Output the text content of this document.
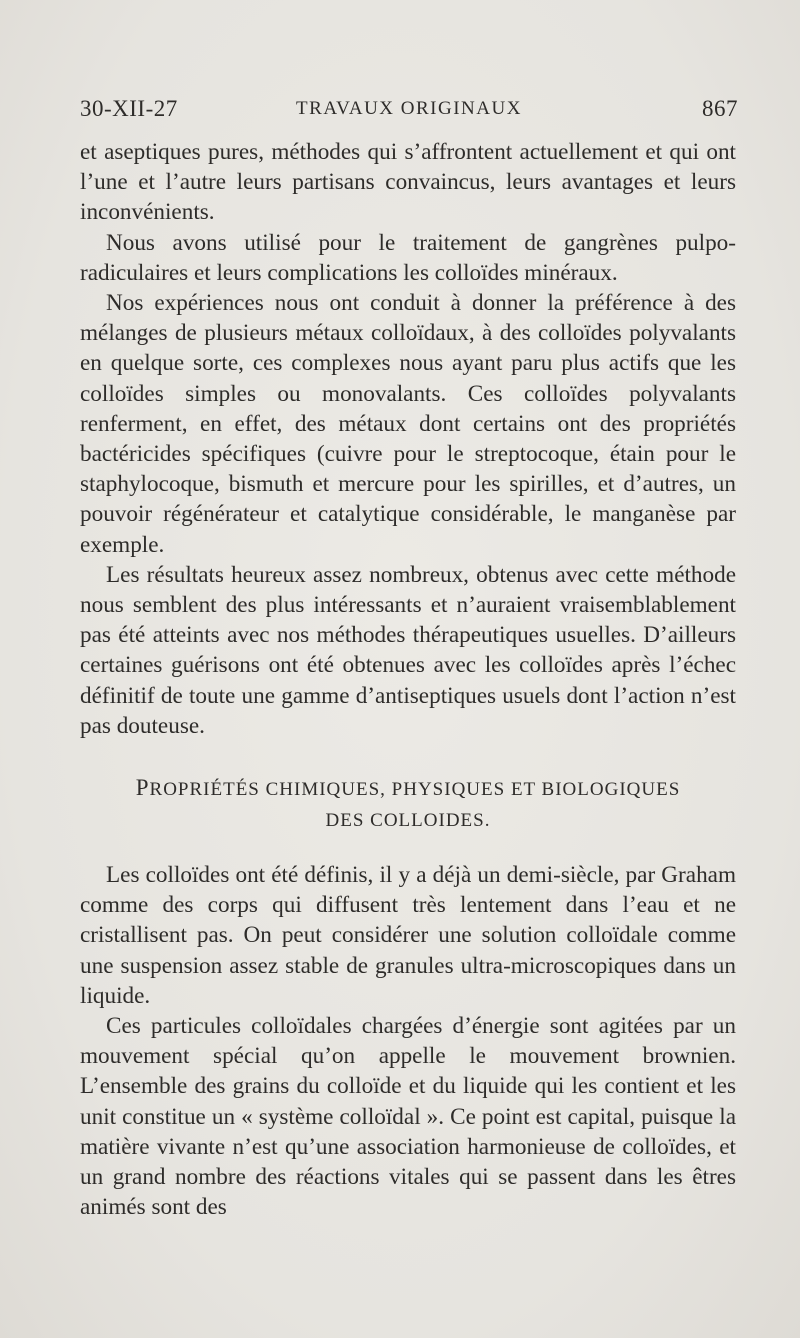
30-XII-27	TRAVAUX ORIGINAUX	867

et aseptiques pures, méthodes qui s’affrontent actuellement et qui ont l’une et l’autre leurs partisans convaincus, leurs avantages et leurs inconvénients.

Nous avons utilisé pour le traitement de gangrènes pulpo-radiculaires et leurs complications les colloïdes minéraux.

Nos expériences nous ont conduit à donner la préférence à des mélanges de plusieurs métaux colloïdaux, à des colloïdes polyvalants en quelque sorte, ces complexes nous ayant paru plus actifs que les colloïdes simples ou monovalants. Ces colloïdes polyvalants renferment, en effet, des métaux dont certains ont des propriétés bactéricides spécifiques (cuivre pour le streptocoque, étain pour le staphylocoque, bismuth et mercure pour les spirilles, et d’autres, un pouvoir régénérateur et catalytique considérable, le manganèse par exemple.

Les résultats heureux assez nombreux, obtenus avec cette méthode nous semblent des plus intéressants et n’auraient vraisemblablement pas été atteints avec nos méthodes thérapeutiques usuelles. D’ailleurs certaines guérisons ont été obtenues avec les colloïdes après l’échec définitif de toute une gamme d’antiseptiques usuels dont l’action n’est pas douteuse.

PROPRIÉTÉS CHIMIQUES, PHYSIQUES ET BIOLOGIQUES
DES COLLOIDES.

Les colloïdes ont été définis, il y a déjà un demi-siècle, par Graham comme des corps qui diffusent très lentement dans l’eau et ne cristallisent pas. On peut considérer une solution colloïdale comme une suspension assez stable de granules ultra-microscopiques dans un liquide.

Ces particules colloïdales chargées d’énergie sont agitées par un mouvement spécial qu’on appelle le mouvement brownien. L’ensemble des grains du colloïde et du liquide qui les contient et les unit constitue un « système colloïdal ». Ce point est capital, puisque la matière vivante n’est qu’une association harmonieuse de colloïdes, et un grand nombre des réactions vitales qui se passent dans les êtres animés sont des
